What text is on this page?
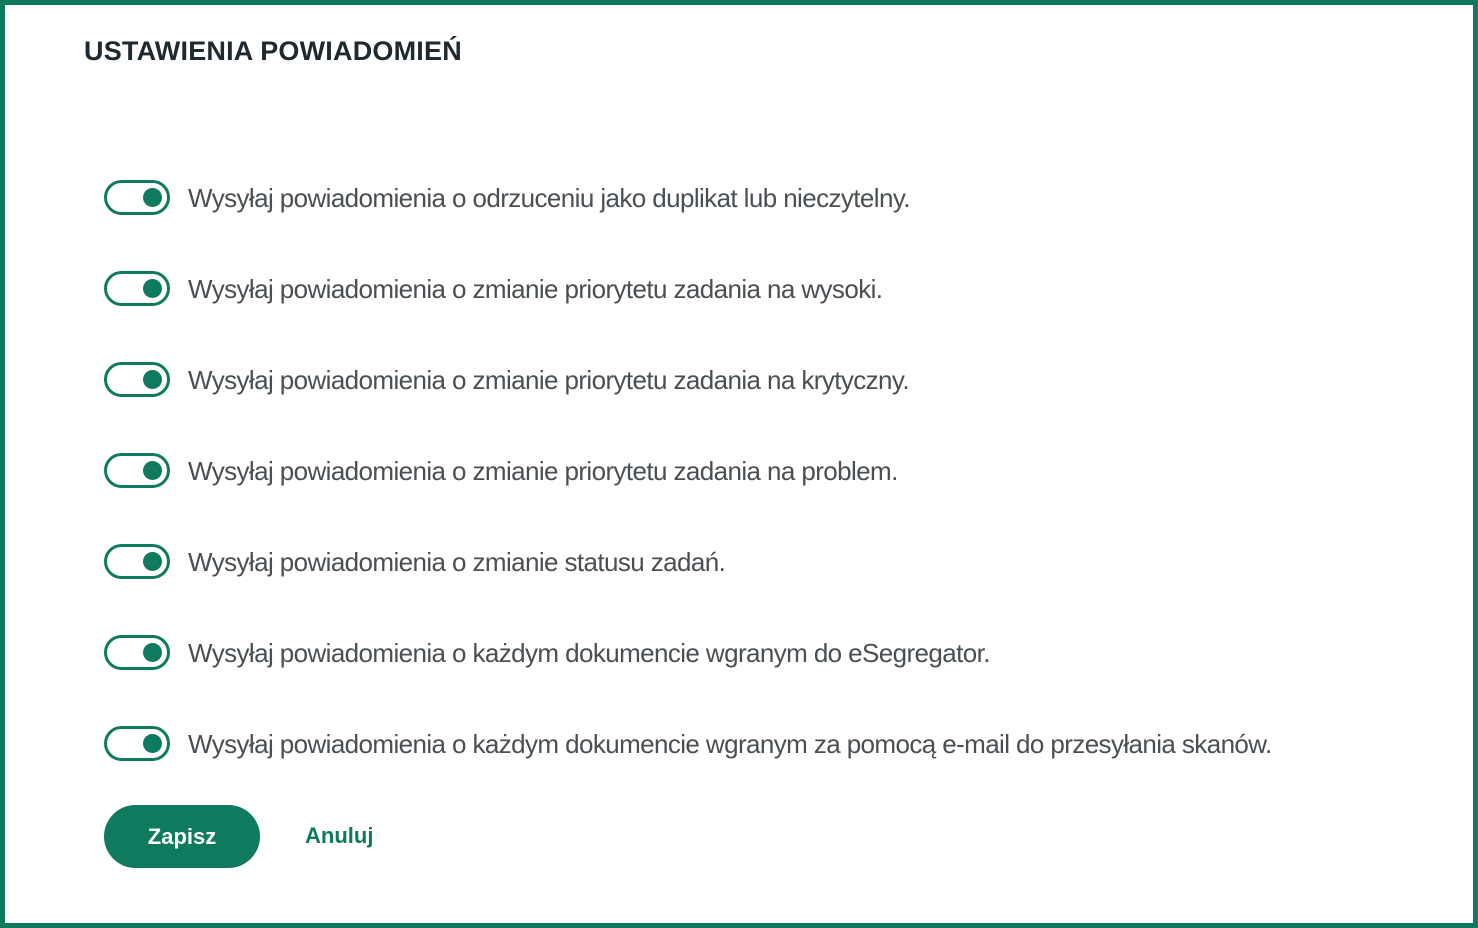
USTAWIENIA POWIADOMIEŃ
Wysyłaj powiadomienia o odrzuceniu jako duplikat lub nieczytelny.
Wysyłaj powiadomienia o zmianie priorytetu zadania na wysoki.
Wysyłaj powiadomienia o zmianie priorytetu zadania na krytyczny.
Wysyłaj powiadomienia o zmianie priorytetu zadania na problem.
Wysyłaj powiadomienia o zmianie statusu zadań.
Wysyłaj powiadomienia o każdym dokumencie wgranym do eSegregator.
Wysyłaj powiadomienia o każdym dokumencie wgranym za pomocą e-mail do przesyłania skanów.
Zapisz	Anuluj
